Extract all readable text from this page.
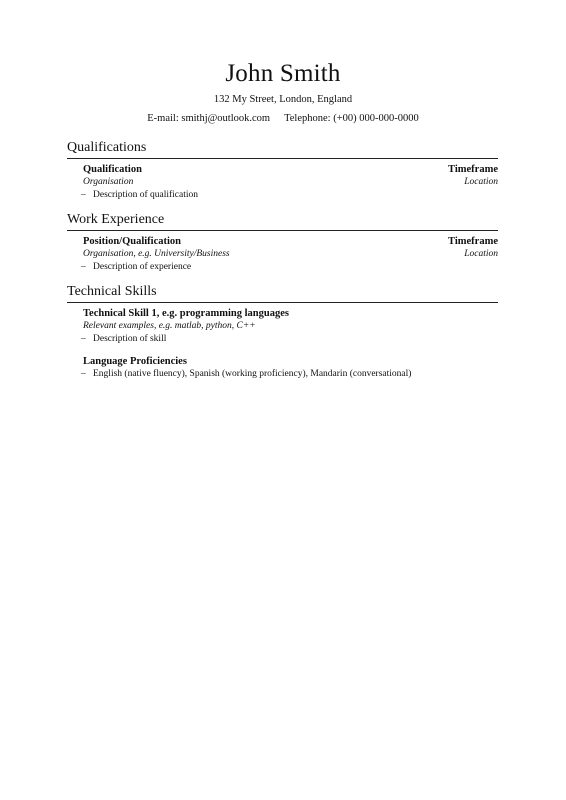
John Smith
132 My Street, London, England
E-mail: smithj@outlook.com Telephone: (+00) 000-000-0000
Qualifications
Qualification	Timeframe
Organisation	Location
– Description of qualification
Work Experience
Position/Qualification	Timeframe
Organisation, e.g. University/Business	Location
– Description of experience
Technical Skills
Technical Skill 1, e.g. programming languages
Relevant examples, e.g. matlab, python, C++
– Description of skill
Language Proficiencies
– English (native fluency), Spanish (working proficiency), Mandarin (conversational)
